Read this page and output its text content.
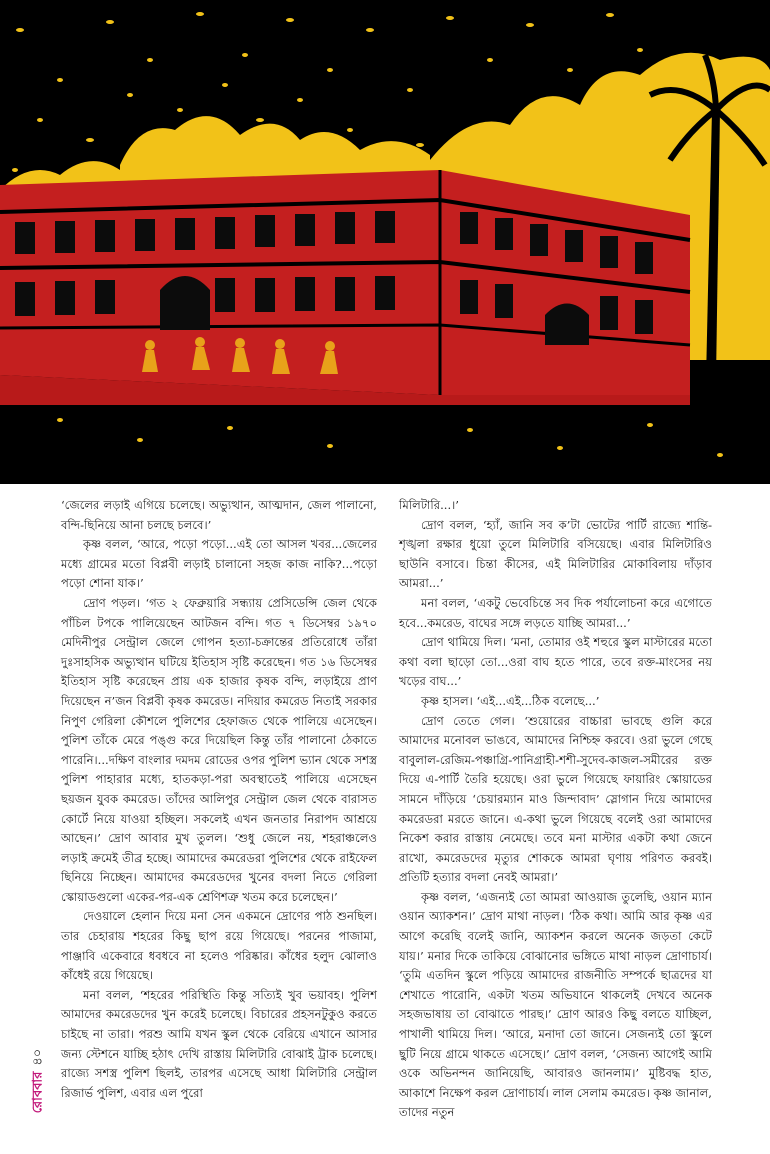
‘জেলের লড়াই এগিয়ে চলেছে। অভ্যুত্থান, আত্মদান, জেল পালানো, বন্দি-ছিনিয়ে আনা চলছে চলবে।’

কৃষ্ণ বলল, ‘আরে, পড়ো পড়ো...এই তো আসল খবর...জেলের মধ্যে গ্রামের মতো বিপ্লবী লড়াই চালানো সহজ কাজ নাকি?...পড়ো পড়ো শোনা যাক।’

দ্রোণ পড়ল। ‘গত ২ ফেব্রুয়ারি সন্ধ্যায় প্রেসিডেন্সি জেল থেকে পাঁচিল টপকে পালিয়েছেন আটজন বন্দি। গত ৭ ডিসেম্বর ১৯৭০ মেদিনীপুর সেন্ট্রাল জেলে গোপন হত্যা-চক্রান্তের প্রতিরোধে তাঁরা দুঃসাহসিক অভ্যুত্থান ঘটিয়ে ইতিহাস সৃষ্টি করেছেন। গত ১৬ ডিসেম্বর ইতিহাস সৃষ্টি করেছেন প্রায় এক হাজার কৃষক বন্দি, লড়াইয়ে প্রাণ দিয়েছেন ন’জন বিপ্লবী কৃষক কমরেড। নদিয়ার কমরেড নিতাই সরকার নিপুণ গেরিলা কৌশলে পুলিশের হেফাজত থেকে পালিয়ে এসেছেন। পুলিশ তাঁকে মেরে পঙ্গু করে দিয়েছিল কিন্তু তাঁর পালানো ঠেকাতে পারেনি।...দক্ষিণ বাংলার দমদম রোডের ওপর পুলিশ ভ্যান থেকে সশস্ত্র পুলিশ পাহারার মধ্যে, হাতকড়া-পরা অবস্থাতেই পালিয়ে এসেছেন ছয়জন যুবক কমরেড। তাঁদের আলিপুর সেন্ট্রাল জেল থেকে বারাসত কোর্টে নিয়ে যাওয়া হচ্ছিল। সকলেই এখন জনতার নিরাপদ আশ্রয়ে আছেন।’ দ্রোণ আবার মুখ তুলল। ‘শুধু জেলে নয়, শহরাঞ্চলেও লড়াই ক্রমেই তীব্র হচ্ছে। আমাদের কমরেডরা পুলিশের থেকে রাইফেল ছিনিয়ে নিচ্ছেন। আমাদের কমরেডদের খুনের বদলা নিতে গেরিলা স্কোয়াডগুলো একের-পর-এক শ্রেণিশত্রু খতম করে চলেছেন।’

দেওয়ালে হেলান দিয়ে মনা সেন একমনে দ্রোণের পাঠ শুনছিল। তার চেহারায় শহরের কিছু ছাপ রয়ে গিয়েছে। পরনের পাজামা, পাঞ্জাবি একেবারে ধবধবে না হলেও পরিষ্কার। কাঁধের হলুদ ঝোলাও কাঁধেই রয়ে গিয়েছে।

মনা বলল, ‘শহরের পরিস্থিতি কিন্তু সত্যিই খুব ভয়াবহ। পুলিশ আমাদের কমরেডদের খুন করেই চলেছে। বিচারের প্রহসনটুকুও করতে চাইছে না তারা। পরশু আমি যখন স্কুল থেকে বেরিয়ে এখানে আসার জন্য স্টেশনে যাচ্ছি হঠাৎ দেখি রাস্তায় মিলিটারি বোঝাই ট্রাক চলেছে। রাজ্যে সশস্ত্র পুলিশ ছিলই, তারপর এসেছে আধা মিলিটারি সেন্ট্রাল রিজার্ভ পুলিশ, এবার এল পুরো

মিলিটারি...।’

দ্রোণ বলল, ‘হ্যাঁ, জানি সব ক’টা ভোটের পার্টি রাজ্যে শান্তি-শৃঙ্খলা রক্ষার ধুয়ো তুলে মিলিটারি বসিয়েছে। এবার মিলিটারিও ছাউনি বসাবে। চিন্তা কীসের, এই মিলিটারির মোকাবিলায় দাঁড়াব আমরা...’

মনা বলল, ‘একটু ভেবেচিন্তে সব দিক পর্যালোচনা করে এগোতে হবে...কমরেড, বাঘের সঙ্গে লড়তে যাচ্ছি আমরা...’

দ্রোণ থামিয়ে দিল। ‘মনা, তোমার ওই শহুরে স্কুল মাস্টারের মতো কথা বলা ছাড়ো তো...ওরা বাঘ হতে পারে, তবে রক্ত-মাংসের নয় খড়ের বাঘ...’

কৃষ্ণ হাসল। ‘এই...এই...ঠিক বলেছে...’

দ্রোণ তেতে গেল। ‘শুয়োরের বাচ্চারা ভাবছে গুলি করে আমাদের মনোবল ভাঙবে, আমাদের নিশ্চিহ্ন করবে। ওরা ভুলে গেছে বাবুলাল-রেজিম-পঞ্চাগ্রি-পানিগ্রাহী-শশী-সুদেব-কাজল-সমীরের রক্ত দিয়ে এ-পার্টি তৈরি হয়েছে। ওরা ভুলে গিয়েছে ফায়ারিং স্কোয়াডের সামনে দাঁড়িয়ে ‘চেয়ারম্যান মাও জিন্দাবাদ’ স্লোগান দিয়ে আমাদের কমরেডরা মরতে জানে। এ-কথা ভুলে গিয়েছে বলেই ওরা আমাদের নিকেশ করার রাস্তায় নেমেছে। তবে মনা মাস্টার একটা কথা জেনে রাখো, কমরেডদের মৃত্যুর শোককে আমরা ঘৃণায় পরিণত করবই। প্রতিটি হত্যার বদলা নেবই আমরা।’

কৃষ্ণ বলল, ‘এজন্যই তো আমরা আওয়াজ তুলেছি, ওয়ান ম্যান ওয়ান অ্যাকশন।’ দ্রোণ মাথা নাড়ল। ‘ঠিক কথা। আমি আর কৃষ্ণ এর আগে করেছি বলেই জানি, অ্যাকশন করলে অনেক জড়তা কেটে যায়।’ মনার দিকে তাকিয়ে বোঝানোর ভঙ্গিতে মাথা নাড়ল দ্রোণাচার্য। ‘তুমি এতদিন স্কুলে পড়িয়ে আমাদের রাজনীতি সম্পর্কে ছাত্রদের যা শেখাতে পারোনি, একটা খতম অভিযানে থাকলেই দেখবে অনেক সহজভাষায় তা বোঝাতে পারছ।’ দ্রোণ আরও কিছু বলতে যাচ্ছিল, পাখালী থামিয়ে দিল। ‘আরে, মনাদা তো জানে। সেজন্যই তো স্কুলে ছুটি নিয়ে গ্রামে থাকতে এসেছে।’ দ্রোণ বলল, ‘সেজন্য আগেই আমি ওকে অভিনন্দন জানিয়েছি, আবারও জানলাম।’ মুষ্টিবদ্ধ হাত, আকাশে নিক্ষেপ করল দ্রোণাচার্য। লাল সেলাম কমরেড। কৃষ্ণ জানাল, তাদের নতুন

রোববার৪০
